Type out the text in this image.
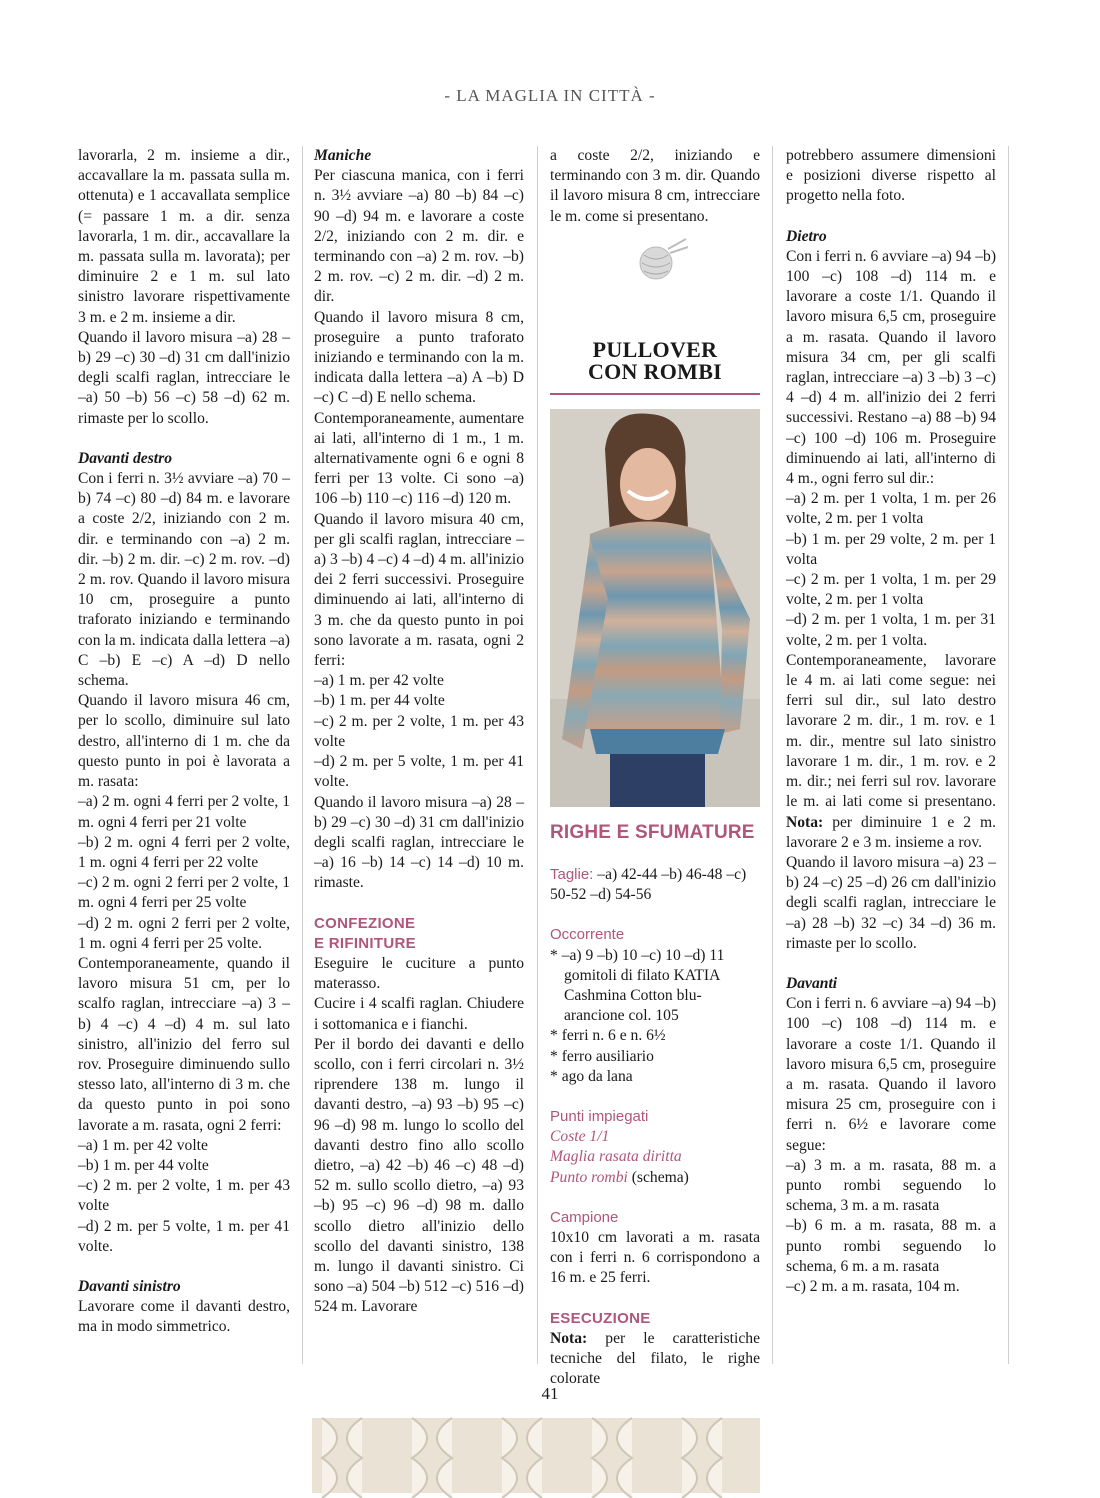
- LA MAGLIA IN CITTÀ -

lavorarla, 2 m. insieme a dir., accavallare la m. passata sulla m. ottenuta) e 1 accavallata semplice (= passare 1 m. a dir. senza lavorarla, 1 m. dir., accavallare la m. passata sulla m. lavorata); per diminuire 2 e 1 m. sul lato sinistro lavorare rispettivamente 3 m. e 2 m. insieme a dir.

Quando il lavoro misura –a) 28 –b) 29 –c) 30 –d) 31 cm dall'inizio degli scalfi raglan, intrecciare le –a) 50 –b) 56 –c) 58 –d) 62 m. rimaste per lo scollo.

Davanti destro

Con i ferri n. 3½ avviare –a) 70 –b) 74 –c) 80 –d) 84 m. e lavorare a coste 2/2, iniziando con 2 m. dir. e terminando con –a) 2 m. dir. –b) 2 m. dir. –c) 2 m. rov. –d) 2 m. rov. Quando il lavoro misura 10 cm, proseguire a punto traforato iniziando e terminando con la m. indicata dalla lettera –a) C –b) E –c) A –d) D nello schema.

Quando il lavoro misura 46 cm, per lo scollo, diminuire sul lato destro, all'interno di 1 m. che da questo punto in poi è lavorata a m. rasata:

–a) 2 m. ogni 4 ferri per 2 volte, 1 m. ogni 4 ferri per 21 volte

–b) 2 m. ogni 4 ferri per 2 volte, 1 m. ogni 4 ferri per 22 volte

–c) 2 m. ogni 2 ferri per 2 volte, 1 m. ogni 4 ferri per 25 volte

–d) 2 m. ogni 2 ferri per 2 volte, 1 m. ogni 4 ferri per 25 volte.

Contemporaneamente, quando il lavoro misura 51 cm, per lo scalfo raglan, intrecciare –a) 3 –b) 4 –c) 4 –d) 4 m. sul lato sinistro, all'inizio del ferro sul rov. Proseguire diminuendo sullo stesso lato, all'interno di 3 m. che da questo punto in poi sono lavorate a m. rasata, ogni 2 ferri:

–a) 1 m. per 42 volte

–b) 1 m. per 44 volte

–c) 2 m. per 2 volte, 1 m. per 43 volte

–d) 2 m. per 5 volte, 1 m. per 41 volte.

Davanti sinistro

Lavorare come il davanti destro, ma in modo simmetrico.

Maniche

Per ciascuna manica, con i ferri n. 3½ avviare –a) 80 –b) 84 –c) 90 –d) 94 m. e lavorare a coste 2/2, iniziando con 2 m. dir. e terminando con –a) 2 m. rov. –b) 2 m. rov. –c) 2 m. dir. –d) 2 m. dir.

Quando il lavoro misura 8 cm, proseguire a punto traforato iniziando e terminando con la m. indicata dalla lettera –a) A –b) D –c) C –d) E nello schema.

Contemporaneamente, aumentare ai lati, all'interno di 1 m., 1 m. alternativamente ogni 6 e ogni 8 ferri per 13 volte. Ci sono –a) 106 –b) 110 –c) 116 –d) 120 m.

Quando il lavoro misura 40 cm, per gli scalfi raglan, intrecciare –a) 3 –b) 4 –c) 4 –d) 4 m. all'inizio dei 2 ferri successivi. Proseguire diminuendo ai lati, all'interno di 3 m. che da questo punto in poi sono lavorate a m. rasata, ogni 2 ferri:

–a) 1 m. per 42 volte

–b) 1 m. per 44 volte

–c) 2 m. per 2 volte, 1 m. per 43 volte

–d) 2 m. per 5 volte, 1 m. per 41 volte.

Quando il lavoro misura –a) 28 –b) 29 –c) 30 –d) 31 cm dall'inizio degli scalfi raglan, intrecciare le –a) 16 –b) 14 –c) 14 –d) 10 m. rimaste.

CONFEZIONE

E RIFINITURE

Eseguire le cuciture a punto materasso.

Cucire i 4 scalfi raglan. Chiudere i sottomanica e i fianchi.

Per il bordo dei davanti e dello scollo, con i ferri circolari n. 3½ riprendere 138 m. lungo il davanti destro, –a) 93 –b) 95 –c) 96 –d) 98 m. lungo lo scollo del davanti destro fino allo scollo dietro, –a) 42 –b) 46 –c) 48 –d) 52 m. sullo scollo dietro, –a) 93 –b) 95 –c) 96 –d) 98 m. dallo scollo dietro all'inizio dello scollo del davanti sinistro, 138 m. lungo il davanti sinistro. Ci sono –a) 504 –b) 512 –c) 516 –d) 524 m. Lavorare

a coste 2/2, iniziando e terminando con 3 m. dir. Quando il lavoro misura 8 cm, intrecciare le m. come si presentano.

PULLOVER
CON ROMBI
RIGHE E SFUMATURE

Taglie: –a) 42-44 –b) 46-48 –c) 50-52 –d) 54-56

Occorrente

* –a) 9 –b) 10 –c) 10 –d) 11 gomitoli di filato KATIA Cashmina Cotton blu-arancione col. 105

* ferri n. 6 e n. 6½

* ferro ausiliario

* ago da lana

Punti impiegati

Coste 1/1

Maglia rasata diritta

Punto rombi (schema)

Campione

10x10 cm lavorati a m. rasata con i ferri n. 6 corrispondono a 16 m. e 25 ferri.

ESECUZIONE

Nota: per le caratteristiche tecniche del filato, le righe colorate

potrebbero assumere dimensioni e posizioni diverse rispetto al progetto nella foto.

Dietro

Con i ferri n. 6 avviare –a) 94 –b) 100 –c) 108 –d) 114 m. e lavorare a coste 1/1. Quando il lavoro misura 6,5 cm, proseguire a m. rasata. Quando il lavoro misura 34 cm, per gli scalfi raglan, intrecciare –a) 3 –b) 3 –c) 4 –d) 4 m. all'inizio dei 2 ferri successivi. Restano –a) 88 –b) 94 –c) 100 –d) 106 m. Proseguire diminuendo ai lati, all'interno di 4 m., ogni ferro sul dir.:

–a) 2 m. per 1 volta, 1 m. per 26 volte, 2 m. per 1 volta

–b) 1 m. per 29 volte, 2 m. per 1 volta

–c) 2 m. per 1 volta, 1 m. per 29 volte, 2 m. per 1 volta

–d) 2 m. per 1 volta, 1 m. per 31 volte, 2 m. per 1 volta.

Contemporaneamente, lavorare le 4 m. ai lati come segue: nei ferri sul dir., sul lato destro lavorare 2 m. dir., 1 m. rov. e 1 m. dir., mentre sul lato sinistro lavorare 1 m. dir., 1 m. rov. e 2 m. dir.; nei ferri sul rov. lavorare le m. ai lati come si presentano. Nota: per diminuire 1 e 2 m. lavorare 2 e 3 m. insieme a rov.

Quando il lavoro misura –a) 23 –b) 24 –c) 25 –d) 26 cm dall'inizio degli scalfi raglan, intrecciare le –a) 28 –b) 32 –c) 34 –d) 36 m. rimaste per lo scollo.

Davanti

Con i ferri n. 6 avviare –a) 94 –b) 100 –c) 108 –d) 114 m. e lavorare a coste 1/1. Quando il lavoro misura 6,5 cm, proseguire a m. rasata. Quando il lavoro misura 25 cm, proseguire con i ferri n. 6½ e lavorare come segue:

–a) 3 m. a m. rasata, 88 m. a punto rombi seguendo lo schema, 3 m. a m. rasata

–b) 6 m. a m. rasata, 88 m. a punto rombi seguendo lo schema, 6 m. a m. rasata

–c) 2 m. a m. rasata, 104 m.

41
